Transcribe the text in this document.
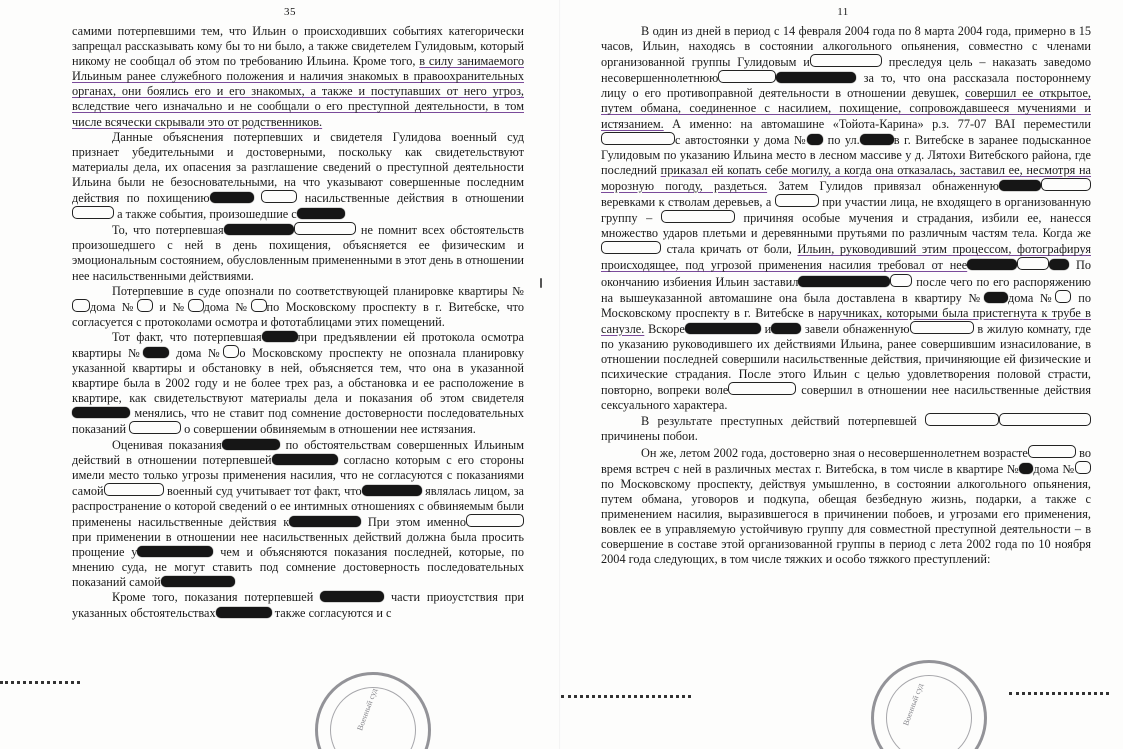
35

самими потерпевшими тем, что Ильин о происходивших событиях категорически запрещал рассказывать кому бы то ни было, а также свидетелем Гулидовым, который никому не сообщал об этом по требованию Ильина. Кроме того, в силу занимаемого Ильиным ранее служебного положения и наличия знакомых в правоохранительных органах, они боялись его и его знакомых, а также и поступавших от него угроз, вследствие чего изначально и не сообщали о его преступной деятельности, в том числе всячески скрывали это от родственников.

Данные объяснения потерпевших и свидетеля Гулидова военный суд признает убедительными и достоверными, поскольку как свидетельствуют материалы дела, их опасения за разглашение сведений о преступной деятельности Ильина были не безосновательными, на что указывают совершенные последним действия по похищению	насильственные действия в отношении  а также события, произошедшие с

То, что потерпевшая	не помнит всех обстоятельств произошедшего с ней в день похищения, объясняется ее физическим и эмоциональным состоянием, обусловленным примененными в этот день в отношении нее насильственными действиями.

Потерпевшие в суде опознали по соответствующей планировке квартиры №дома № и № дома № по Московскому проспекту в г. Витебске, что согласуется с протоколами осмотра и фототаблицами этих помещений.

Тот факт, что потерпевшая	при предъявлении ей протокола осмотра квартиры № дома № о Московскому проспекту не опознала планировку указанной квартиры и обстановку в ней, объясняется тем, что она в указанной квартире была в 2002 году и не более трех раз, а обстановка и ее расположение в квартире, как свидетельствуют материалы дела и показания об этом свидетеля менялись, что не ставит под сомнение достоверности последовательных показаний	о совершении обвиняемым в отношении нее истязания.

Оценивая показания	по обстоятельствам совершенных Ильиным действий в отношении потерпевшей	согласно которым с его стороны имели место только угрозы применения насилия, что не согласуются с показаниями самой	военный суд учитывает тот факт, что	являлась лицом, за распространение о которой сведений о ее интимных отношениях с обвиняемым были применены насильственные действия к	При этом именно при применении в отношении нее насильственных действий должна была просить прощение у	чем и объясняются показания последней, которые, по мнению суда, не могут ставить под сомнение достоверность последовательных показаний самой

Кроме того, показания потерпевшей	части приоустствия при указанных обстоятельствах	также согласуются и с

Военный суд
11

В один из дней в период с 14 февраля 2004 года по 8 марта 2004 года, примерно в 15 часов, Ильин, находясь в состоянии алкогольного опьянения, совместно с членами организованной группы Гулидовым и	преследуя цель – наказать заведомо несовершеннолетнюю	за то, что она рассказала постороннему лицу о его противоправной деятельности в отношении девушек, совершил ее открытое, путем обмана, соединенное с насилием, похищение, сопровождавшееся мучениями и истязанием. А именно: на автомашине «Тойота-Карина» р.з. 77-07 ВАІ переместилис автостоянки у дома № по ул.	в г. Витебске в заранее подысканное Гулидовым по указанию Ильина место в лесном массиве у д. Лятохи Витебского района, где последний приказал ей копать себе могилу, а когда она отказалась, заставил ее, несмотря на морозную погоду, раздеться. Затем Гулидов привязал обнаженную веревками к стволам деревьев, а	при участии лица, не входящего в организованную группу –	причиняя особые мучения и страдания, избили ее, нанесся множество ударов плетьми и деревянными прутьями по различным частям тела. Когда же  стала кричать от боли, Ильин, руководивший этим процессом, фотографируя происходящее, под угрозой применения насилия требовал от нее	По окончанию избиения Ильин заставил	после чего по его распоряжению на вышеуказанной автомашине она была доставлена в квартиру № дома № по Московскому проспекту в г. Витебске в наручниках, которыми была пристегнута к трубе в санузле. Вскоре	и завели обнаженную	в жилую комнату, где по указанию руководившего их действиями Ильина, ранее совершившим изнасилование, в отношении последней совершили насильственные действия, причиняющие ей физические и психические страдания. После этого Ильин с целью удовлетворения половой страсти, повторно, вопреки воле	совершил в отношении нее насильственные действия сексуального характера.

В результате преступных действий потерпевшей  причинены побои.

Он же, летом 2002 года, достоверно зная о несовершеннолетнем возрасте	во время встреч с ней в различных местах г. Витебска, в том числе в квартире № дома № по Московскому проспекту, действуя умышленно, в состоянии алкогольного опьянения, путем обмана, уговоров и подкупа, обещая безбедную жизнь, подарки, а также с применением насилия, выразившегося в причинении побоев, и угрозами его применения, вовлек ее в управляемую устойчивую группу для совместной преступной деятельности – в совершение в составе этой организованной группы в период с лета 2002 года по 10 ноября 2004 года следующих, в том числе тяжких и особо тяжкого преступлений:

Военный суд
